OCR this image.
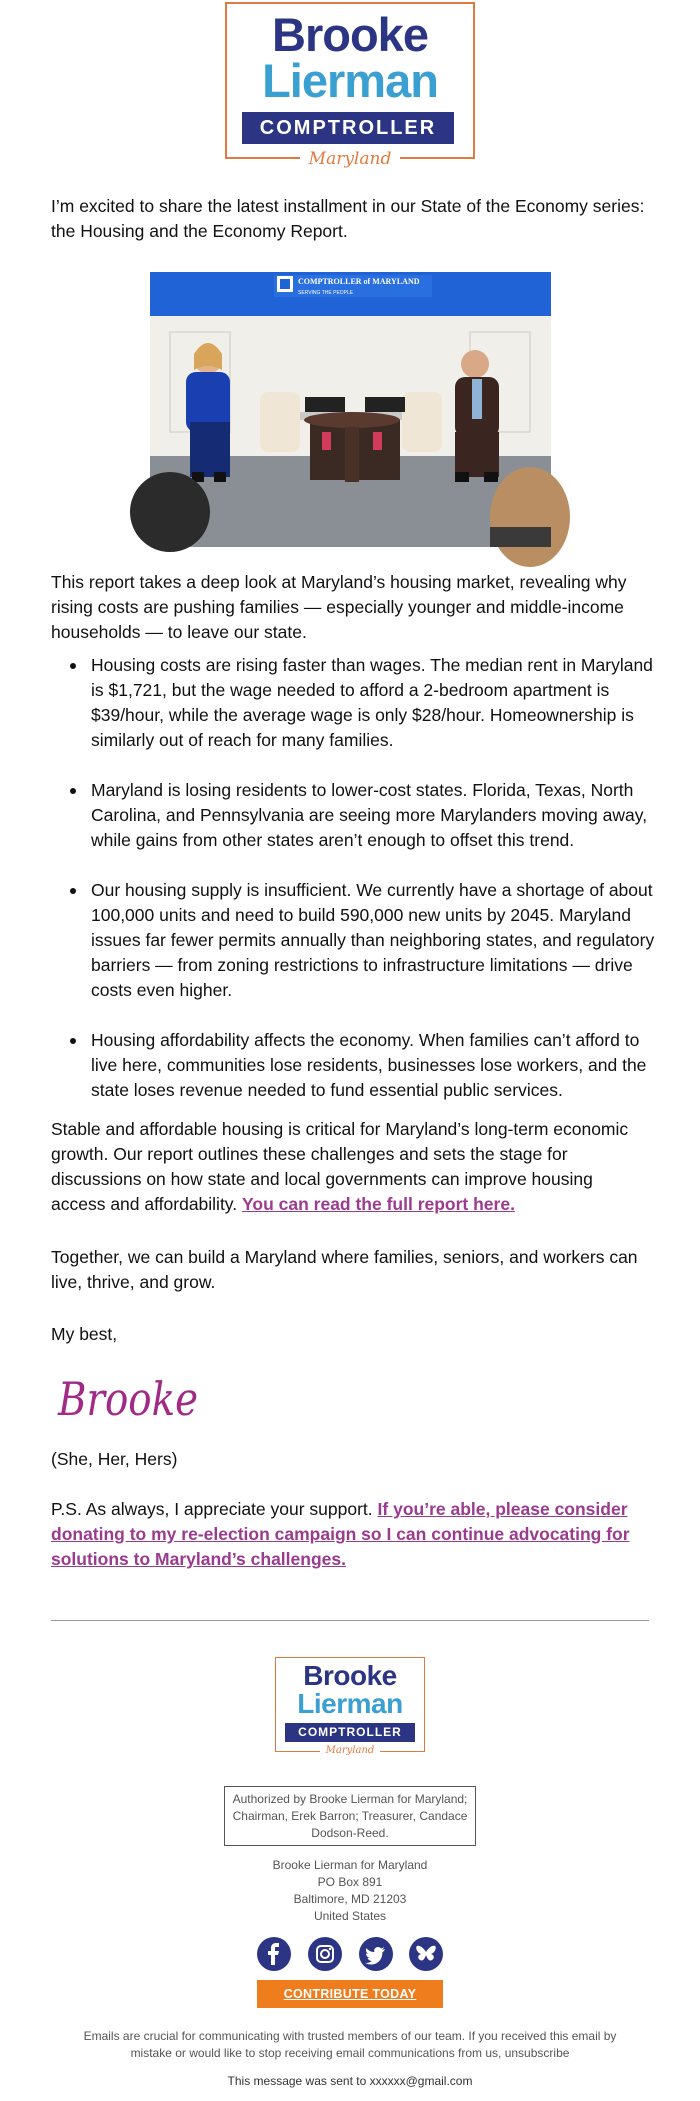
Brooke
Lierman
COMPTROLLER
Maryland

I’m excited to share the latest installment in our State of the Economy series: the Housing and the Economy Report.

COMPTROLLER of MARYLAND
SERVING THE PEOPLE

This report takes a deep look at Maryland’s housing market, revealing why rising costs are pushing families — especially younger and middle-income households — to leave our state.

Housing costs are rising faster than wages. The median rent in Maryland is $1,721, but the wage needed to afford a 2-bedroom apartment is $39/hour, while the average wage is only $28/hour. Homeownership is similarly out of reach for many families.
Maryland is losing residents to lower-cost states. Florida, Texas, North Carolina, and Pennsylvania are seeing more Marylanders moving away, while gains from other states aren’t enough to offset this trend.
Our housing supply is insufficient. We currently have a shortage of about 100,000 units and need to build 590,000 new units by 2045. Maryland issues far fewer permits annually than neighboring states, and regulatory barriers — from zoning restrictions to infrastructure limitations — drive costs even higher.
Housing affordability affects the economy. When families can’t afford to live here, communities lose residents, businesses lose workers, and the state loses revenue needed to fund essential public services.

Stable and affordable housing is critical for Maryland’s long-term economic growth. Our report outlines these challenges and sets the stage for discussions on how state and local governments can improve housing access and affordability. You can read the full report here.

Together, we can build a Maryland where families, seniors, and workers can live, thrive, and grow.

My best,

Brooke

(She, Her, Hers)

P.S. As always, I appreciate your support. If you’re able, please consider donating to my re-election campaign so I can continue advocating for solutions to Maryland’s challenges.

Brooke
Lierman
COMPTROLLER
Maryland
Authorized by Brooke Lierman for Maryland; Chairman, Erek Barron; Treasurer, Candace Dodson-Reed.
Brooke Lierman for Maryland
PO Box 891
Baltimore, MD 21203
United States
CONTRIBUTE TODAY

Emails are crucial for communicating with trusted members of our team. If you received this email by mistake or would like to stop receiving email communications from us, unsubscribe

This message was sent to xxxxxx@gmail.com
